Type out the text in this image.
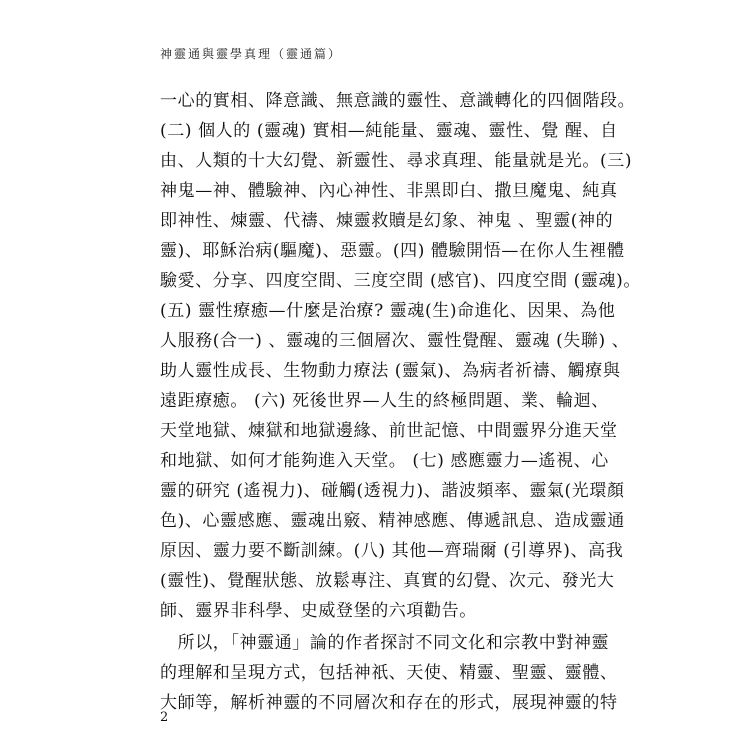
神靈通與靈學真理（靈通篇）
一心的實相、降意識、無意識的靈性、意識轉化的四個階段。
(二) 個人的 (靈魂) 實相—純能量、靈魂、靈性、覺 醒、自
由、人類的十大幻覺、新靈性、尋求真理、能量就是光。(三)
神鬼—神、體驗神、內心神性、非黑即白、撒旦魔鬼、純真
即神性、煉靈、代禱、煉靈救贖是幻象、神鬼 、聖靈(神的
靈)、耶穌治病(驅魔)、惡靈。(四) 體驗開悟—在你人生裡體
驗愛、分享、四度空間、三度空間 (感官)、四度空間 (靈魂)。
(五) 靈性療癒—什麼是治療? 靈魂(生)命進化、因果、為他
人服務(合一) 、靈魂的三個層次、靈性覺醒、靈魂 (失聯) 、
助人靈性成長、生物動力療法 (靈氣)、為病者祈禱、觸療與
遠距療癒。 (六) 死後世界—人生的終極問題、業、輪迴、
天堂地獄、煉獄和地獄邊緣、前世記憶、中間靈界分進天堂
和地獄、如何才能夠進入天堂。 (七) 感應靈力—遙視、心
靈的研究 (遙視力)、碰觸(透視力)、諧波頻率、靈氣(光環顏
色)、心靈感應、靈魂出竅、精神感應、傳遞訊息、造成靈通
原因、靈力要不斷訓練。(八) 其他—齊瑞爾 (引導界)、高我
(靈性)、覺醒狀態、放鬆專注、真實的幻覺、次元、發光大
師、靈界非科學、史威登堡的六項勸告。
　所以，「神靈通」論的作者探討不同文化和宗教中對神靈
的理解和呈現方式，包括神祇、天使、精靈、聖靈、靈體、
大師等，解析神靈的不同層次和存在的形式，展現神靈的特
2
